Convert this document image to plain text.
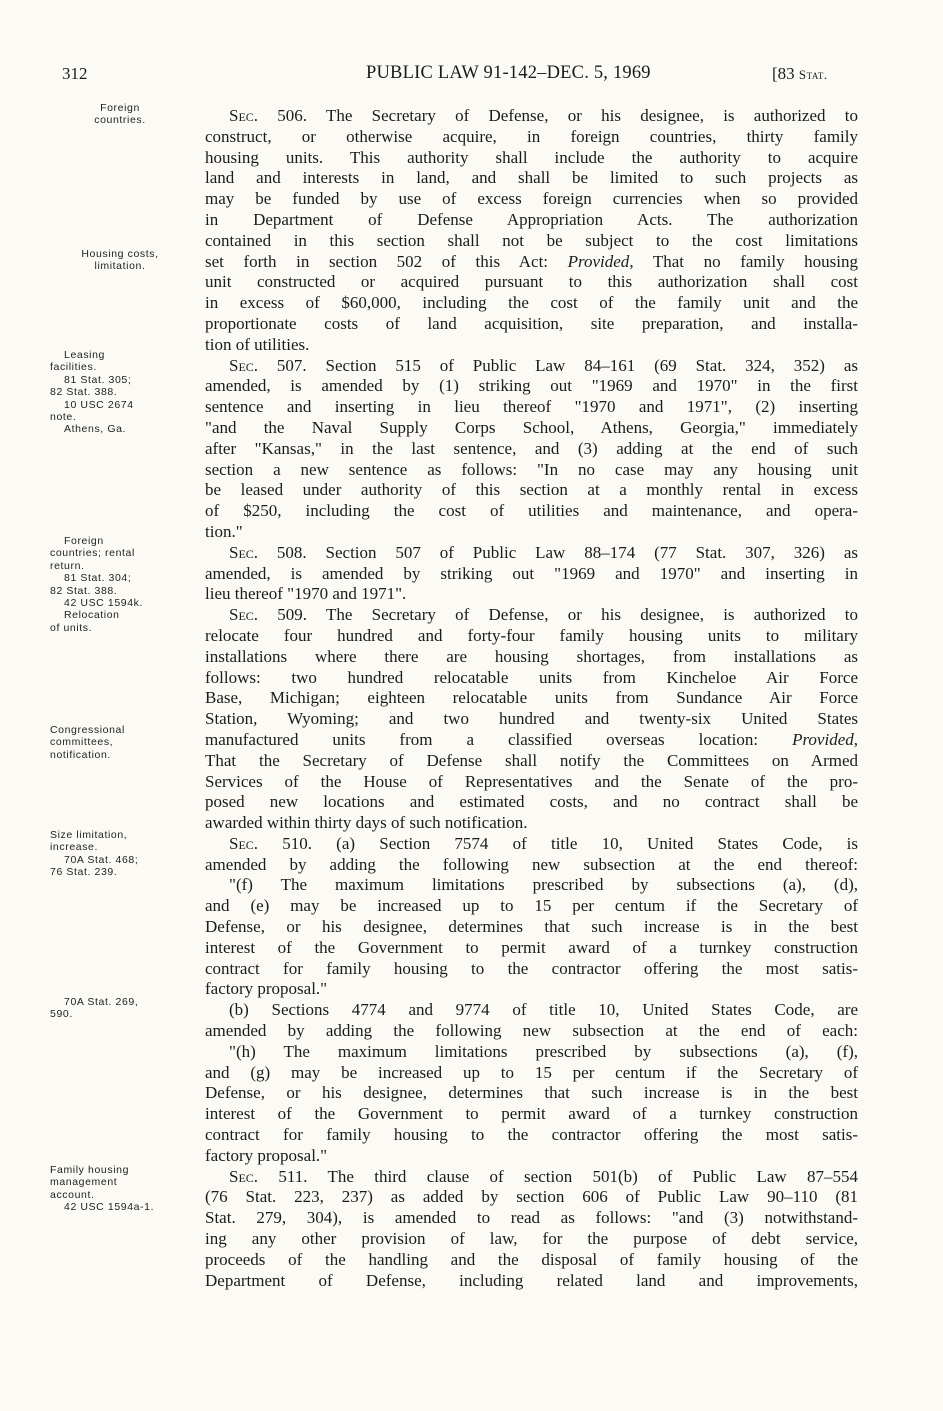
312	PUBLIC LAW 91-142–DEC. 5, 1969	[83 Stat.
Foreign
countries.
Housing costs,
limitation.
Leasing
facilities.
81 Stat. 305;
82 Stat. 388.
10 USC 2674
note.
Athens, Ga.
Foreign
countries; rental
return.
81 Stat. 304;
82 Stat. 388.
42 USC 1594k.
Relocation
of units.
Congressional
committees,
notification.
Size limitation,
increase.
70A Stat. 468;
76 Stat. 239.
70A Stat. 269,
590.
Family housing
management
account.
42 USC 1594a-1.
Sec. 506. The Secretary of Defense, or his designee, is authorized to
construct, or otherwise acquire, in foreign countries, thirty family
housing units. This authority shall include the authority to acquire
land and interests in land, and shall be limited to such projects as
may be funded by use of excess foreign currencies when so provided
in Department of Defense Appropriation Acts. The authorization
contained in this section shall not be subject to the cost limitations
set forth in section 502 of this Act: Provided, That no family housing
unit constructed or acquired pursuant to this authorization shall cost
in excess of $60,000, including the cost of the family unit and the
proportionate costs of land acquisition, site preparation, and installa-
tion of utilities.
Sec. 507. Section 515 of Public Law 84–161 (69 Stat. 324, 352) as
amended, is amended by (1) striking out "1969 and 1970" in the first
sentence and inserting in lieu thereof "1970 and 1971", (2) inserting
"and the Naval Supply Corps School, Athens, Georgia," immediately
after "Kansas," in the last sentence, and (3) adding at the end of such
section a new sentence as follows: "In no case may any housing unit
be leased under authority of this section at a monthly rental in excess
of $250, including the cost of utilities and maintenance, and opera-
tion."
Sec. 508. Section 507 of Public Law 88–174 (77 Stat. 307, 326) as
amended, is amended by striking out "1969 and 1970" and inserting in
lieu thereof "1970 and 1971".
Sec. 509. The Secretary of Defense, or his designee, is authorized to
relocate four hundred and forty-four family housing units to military
installations where there are housing shortages, from installations as
follows: two hundred relocatable units from Kincheloe Air Force
Base, Michigan; eighteen relocatable units from Sundance Air Force
Station, Wyoming; and two hundred and twenty-six United States
manufactured units from a classified overseas location: Provided,
That the Secretary of Defense shall notify the Committees on Armed
Services of the House of Representatives and the Senate of the pro-
posed new locations and estimated costs, and no contract shall be
awarded within thirty days of such notification.
Sec. 510. (a) Section 7574 of title 10, United States Code, is
amended by adding the following new subsection at the end thereof:
"(f) The maximum limitations prescribed by subsections (a), (d),
and (e) may be increased up to 15 per centum if the Secretary of
Defense, or his designee, determines that such increase is in the best
interest of the Government to permit award of a turnkey construction
contract for family housing to the contractor offering the most satis-
factory proposal."
(b) Sections 4774 and 9774 of title 10, United States Code, are
amended by adding the following new subsection at the end of each:
"(h) The maximum limitations prescribed by subsections (a), (f),
and (g) may be increased up to 15 per centum if the Secretary of
Defense, or his designee, determines that such increase is in the best
interest of the Government to permit award of a turnkey construction
contract for family housing to the contractor offering the most satis-
factory proposal."
Sec. 511. The third clause of section 501(b) of Public Law 87–554
(76 Stat. 223, 237) as added by section 606 of Public Law 90–110 (81
Stat. 279, 304), is amended to read as follows: "and (3) notwithstand-
ing any other provision of law, for the purpose of debt service,
proceeds of the handling and the disposal of family housing of the
Department of Defense, including related land and improvements,
